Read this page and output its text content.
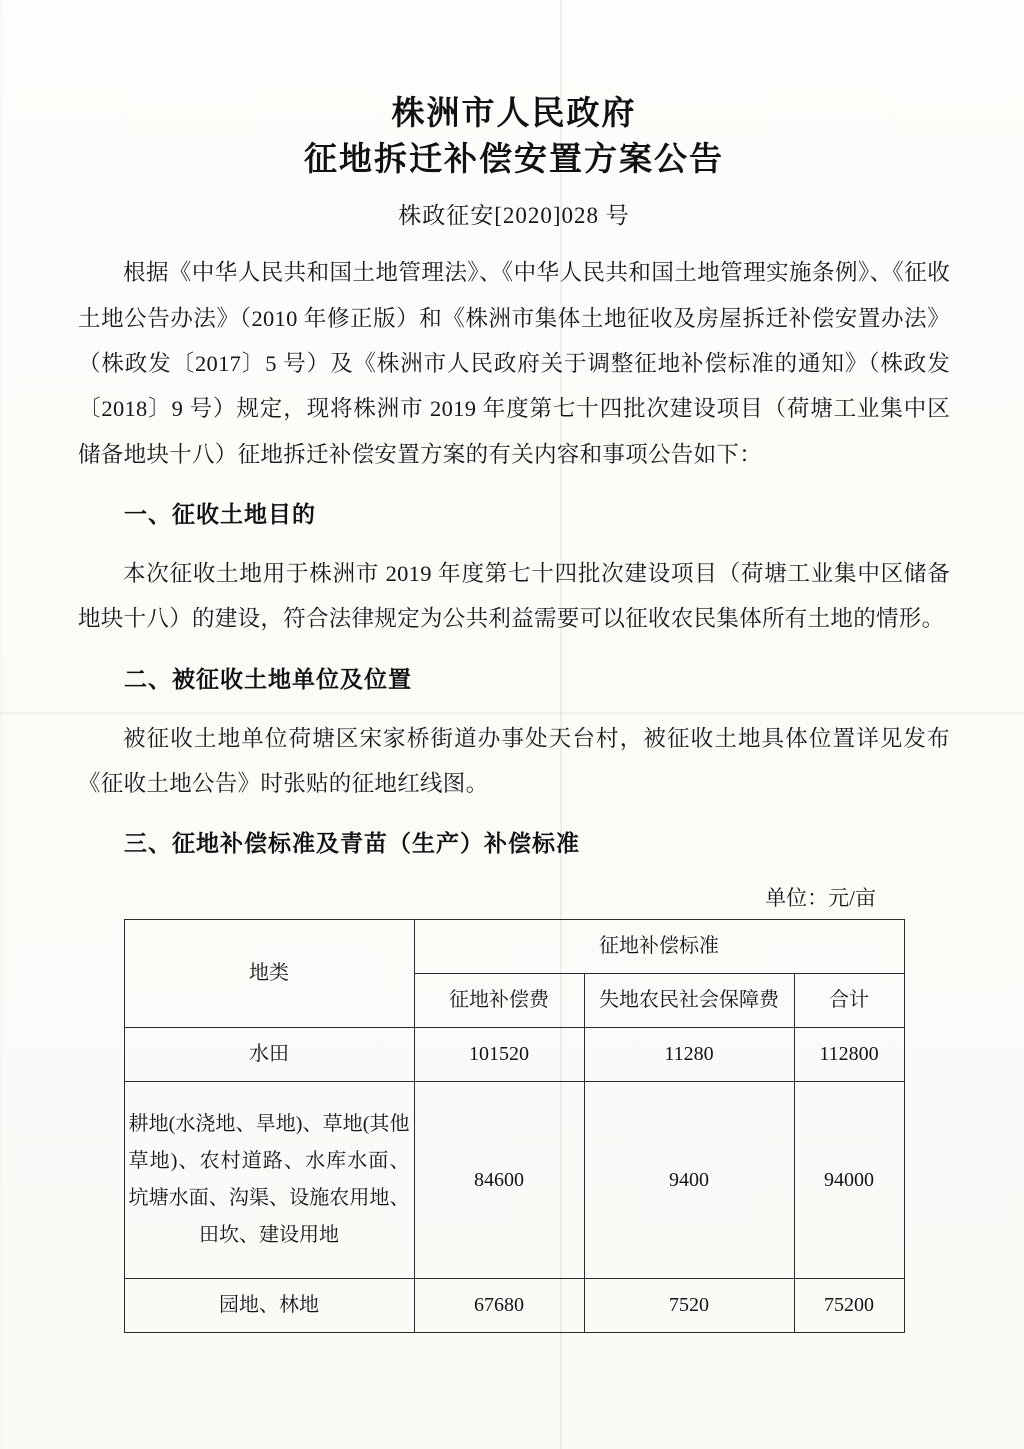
株洲市人民政府
征地拆迁补偿安置方案公告
株政征安[2020]028 号

根据《中华人民共和国土地管理法》、《中华人民共和国土地管理实施条例》、《征收土地公告办法》（2010 年修正版）和《株洲市集体土地征收及房屋拆迁补偿安置办法》（株政发〔2017〕5 号）及《株洲市人民政府关于调整征地补偿标准的通知》（株政发〔2018〕9 号）规定，现将株洲市 2019 年度第七十四批次建设项目（荷塘工业集中区储备地块十八）征地拆迁补偿安置方案的有关内容和事项公告如下：

一、征收土地目的

本次征收土地用于株洲市 2019 年度第七十四批次建设项目（荷塘工业集中区储备地块十八）的建设，符合法律规定为公共利益需要可以征收农民集体所有土地的情形。

二、被征收土地单位及位置

被征收土地单位荷塘区宋家桥街道办事处天台村，被征收土地具体位置详见发布《征收土地公告》时张贴的征地红线图。

三、征地补偿标准及青苗（生产）补偿标准
单位：元/亩
地类	征地补偿标准		
	征地补偿费	失地农民社会保障费	合计
水田	101520	11280	112800
耕地(水浇地、旱地)、草地(其他草地)、农村道路、水库水面、坑塘水面、沟渠、设施农用地、田坎、建设用地	84600	9400	94000
园地、林地	67680	7520	75200
